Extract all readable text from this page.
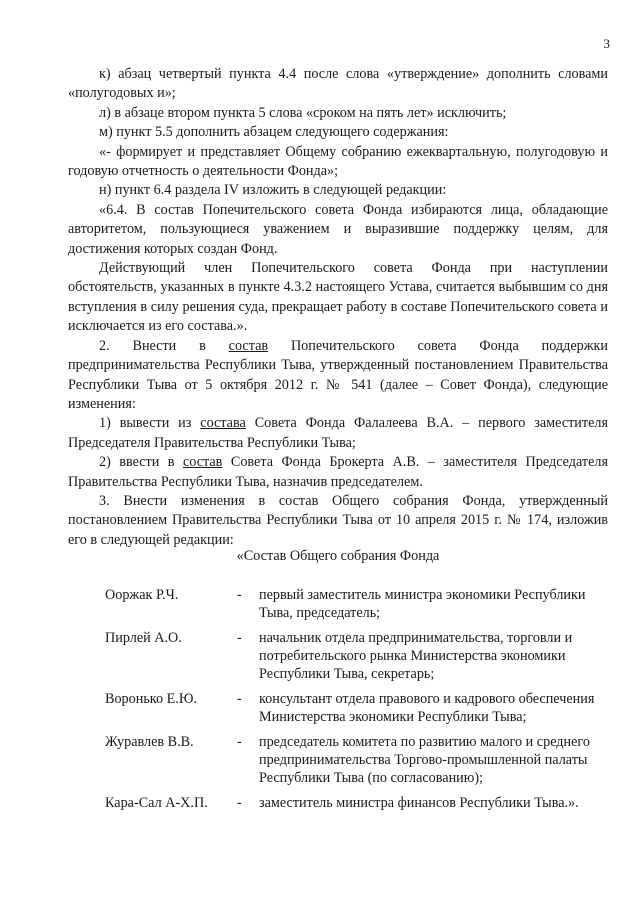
3

к) абзац четвертый пункта 4.4 после слова «утверждение» дополнить словами «полугодовых и»;

л) в абзаце втором пункта 5 слова «сроком на пять лет» исключить;

м) пункт 5.5 дополнить абзацем следующего содержания:

«- формирует и представляет Общему собранию ежеквартальную, полугодовую и годовую отчетность о деятельности Фонда»;

н) пункт 6.4 раздела IV изложить в следующей редакции:

«6.4. В состав Попечительского совета Фонда избираются лица, обладающие авторитетом, пользующиеся уважением и выразившие поддержку целям, для достижения которых создан Фонд.

Действующий член Попечительского совета Фонда при наступлении обстоятельств, указанных в пункте 4.3.2 настоящего Устава, считается выбывшим со дня вступления в силу решения суда, прекращает работу в составе Попечительского совета и исключается из его состава.».

2. Внести в состав Попечительского совета Фонда поддержки предпринимательства Республики Тыва, утвержденный постановлением Правительства Республики Тыва от 5 октября 2012 г. № 541 (далее – Совет Фонда), следующие изменения:

1) вывести из состава Совета Фонда Фалалеева В.А. – первого заместителя Председателя Правительства Республики Тыва;

2) ввести в состав Совета Фонда Брокерта А.В. – заместителя Председателя Правительства Республики Тыва, назначив председателем.

3. Внести изменения в состав Общего собрания Фонда, утвержденный постановлением Правительства Республики Тыва от 10 апреля 2015 г. № 174, изложив его в следующей редакции:

«Состав Общего собрания Фонда
Ооржак Р.Ч.	-	первый заместитель министра экономики Республики Тыва, председатель;
Пирлей А.О.	-	начальник отдела предпринимательства, торговли и потребительского рынка Министерства экономики Республики Тыва, секретарь;
Воронько Е.Ю.	-	консультант отдела правового и кадрового обеспечения Министерства экономики Республики Тыва;
Журавлев В.В.	-	председатель комитета по развитию малого и среднего предпринимательства Торгово-промышленной палаты Республики Тыва (по согласованию);
Кара-Сал А-Х.П.	-	заместитель министра финансов Республики Тыва.».
